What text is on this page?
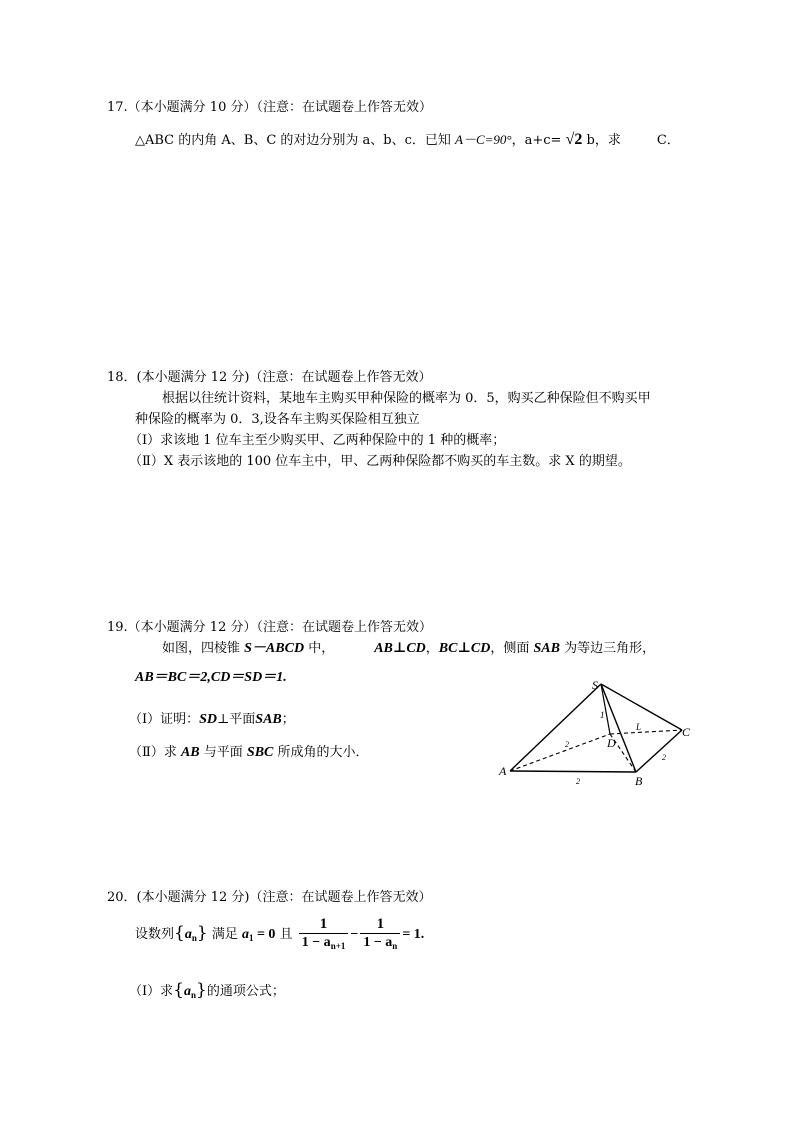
17.（本小题满分 10 分）（注意：在试题卷上作答无效）
△ABC 的内角 A、B、C 的对边分别为 a、b、c．已知 A－C=90°，a+c= √2 b，求	C．
18．(本小题满分 12 分)（注意：在试题卷上作答无效）
根据以往统计资料，某地车主购买甲种保险的概率为 0．5，购买乙种保险但不购买甲
种保险的概率为 0．3,设各车主购买保险相互独立
（I）求该地 1 位车主至少购买甲、乙两种保险中的 1 种的概率；
（Ⅱ）X 表示该地的 100 位车主中，甲、乙两种保险都不购买的车主数。求 X 的期望。
19.（本小题满分 12 分）（注意：在试题卷上作答无效）
如图，四棱锥 S－ABCD 中，	AB⊥CD，BC⊥CD，侧面 SAB 为等边三角形，
AB＝BC＝2,CD＝SD＝1.
（Ⅰ）证明：SD⊥平面SAB；
（Ⅱ）求 AB 与平面 SBC 所成角的大小．
S
A
B
C
D
1
L
2
2
2
20．(本小题满分 12 分)（注意：在试题卷上作答无效）
设数列$\{a_n\}$ 满足 $a_1 = 0$ 且 $\frac{1}{1 - a_{n+1}} - \frac{1}{1 - a_n} = 1$.
（Ⅰ）求$\{a_n\}$的通项公式；
